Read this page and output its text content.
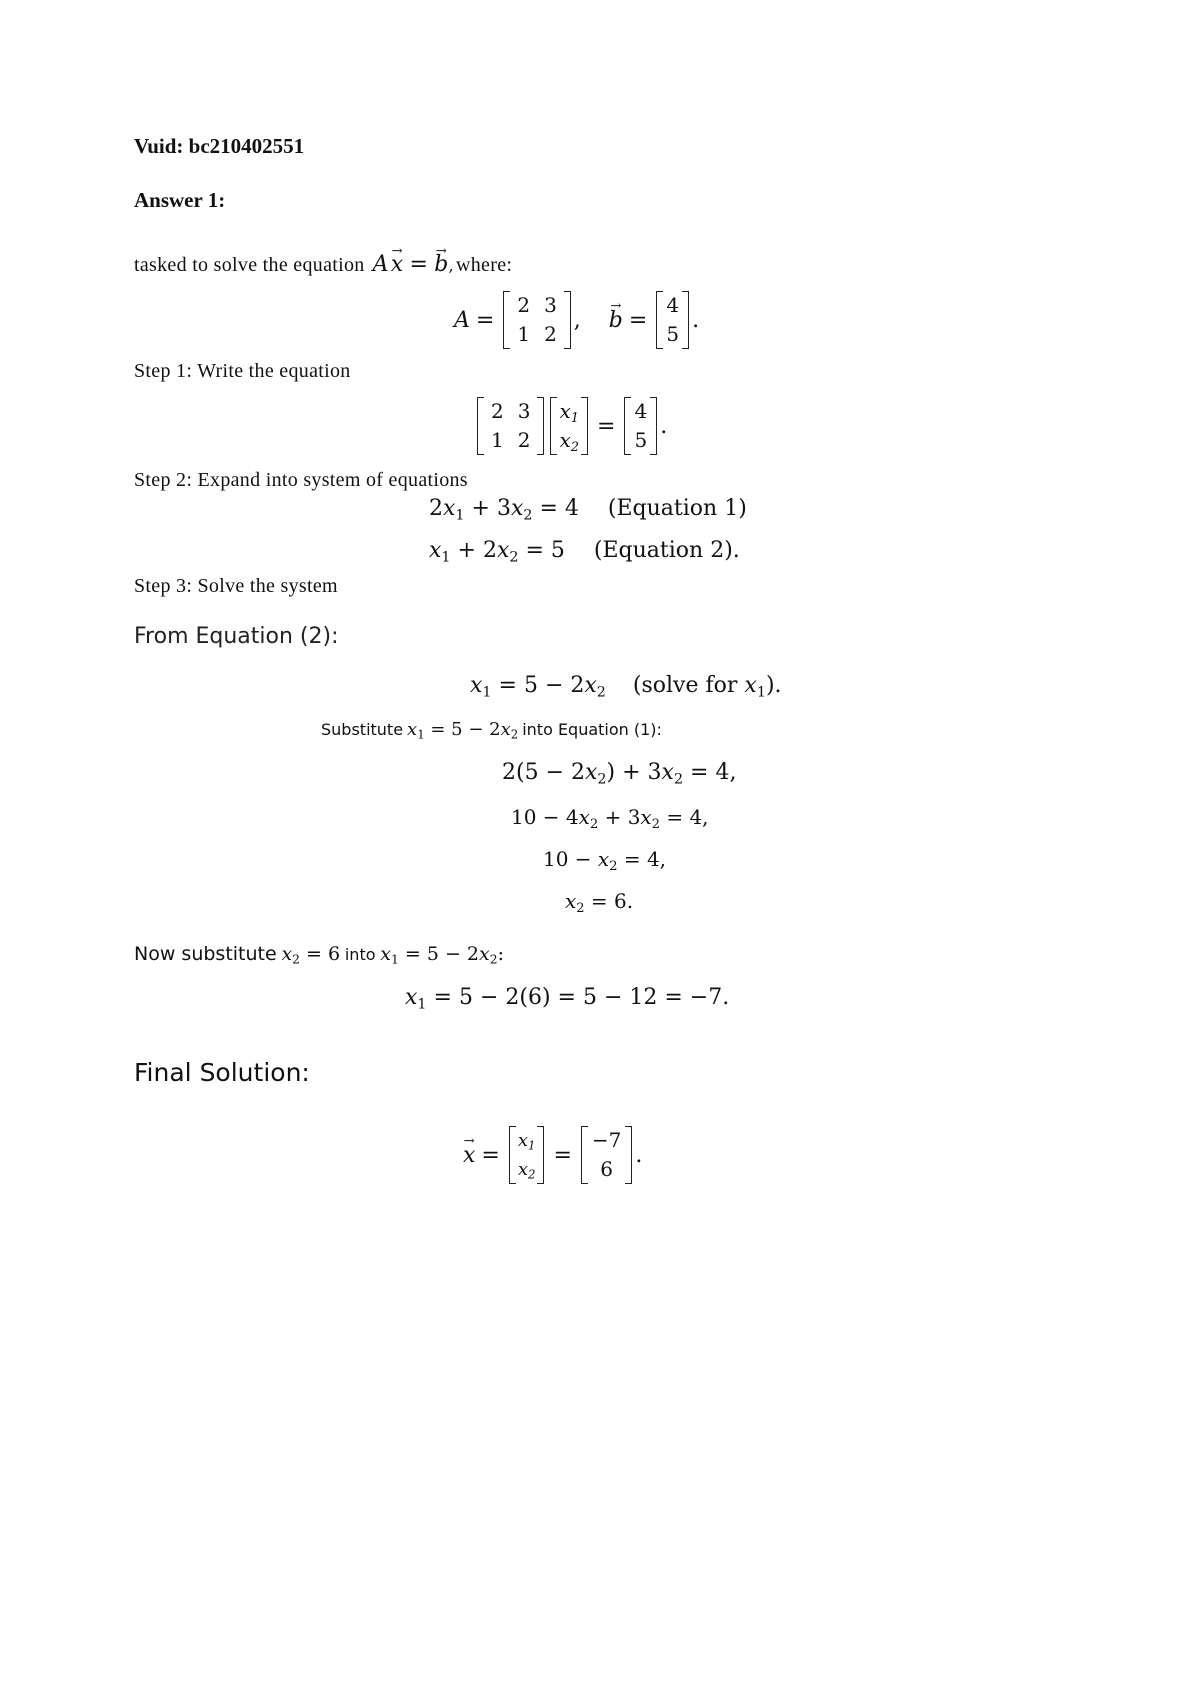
Vuid: bc210402551
Answer 1:
tasked to solve the equation A → x = → b , where:
A =
2	3
1	2
, → b =
4
5
.
Step 1: Write the equation
2	3
1	2
$x_1$
$x_2$
=
4
5
.
Step 2: Expand into system of equations
$2x_1 + 3x_2 = 4$ (Equation 1)
$x_1 + 2x_2 = 5$ (Equation 2).
Step 3: Solve the system
From Equation (2):
$x_1 = 5 - 2x_2$ (solve for $x_1$).
Substitute $x_1 = 5 - 2x_2$ into Equation (1):
$2(5 - 2x_2) + 3x_2 = 4$,
$10 - 4x_2 + 3x_2 = 4$,
$10 - x_2 = 4$,
$x_2 = 6$.
Now substitute $x_2 = 6$ into $x_1 = 5 - 2x_2$:
$x_1 = 5 - 2(6) = 5 - 12 = -7$.
Final Solution:
→ x =
$x_1$
$x_2$
=
−7
6
.
